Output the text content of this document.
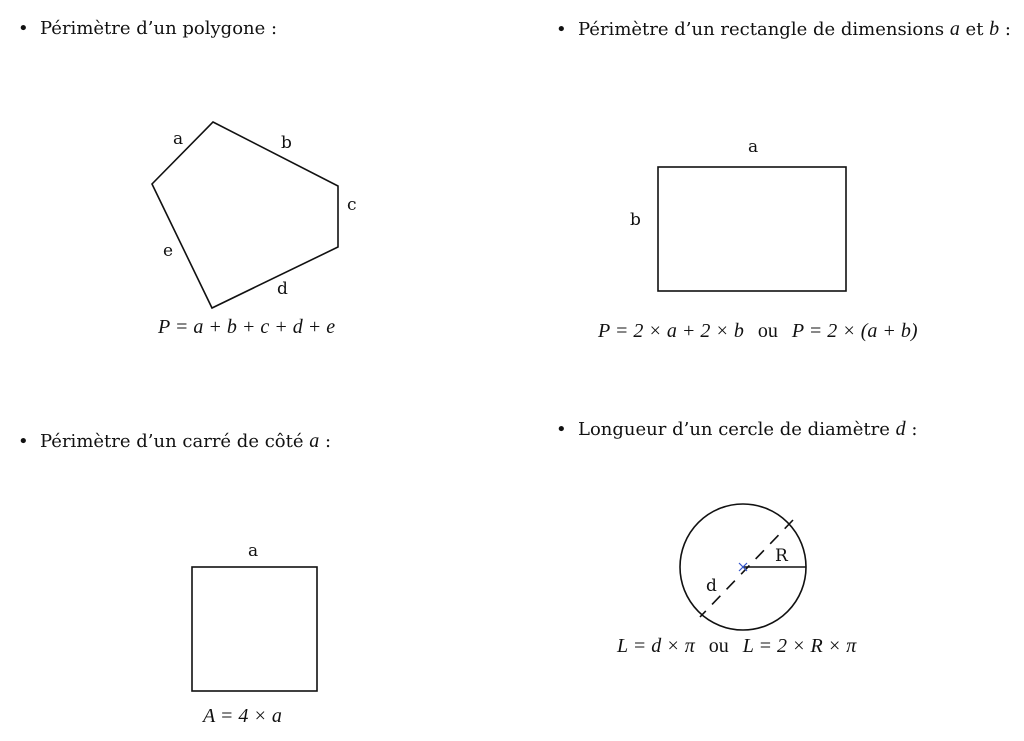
• Périmètre d’un polygone :	• Périmètre d’un rectangle de dimensions a et b :
• Périmètre d’un carré de côté a :
• Longueur d’un cercle de diamètre d :
a	b
c
d
e
a
b
a	R
d
P = a + b + c + d + e	P = 2 × a + 2 × b ou P = 2 × (a + b)
A = 4 × a
L = d × π ou L = 2 × R × π
